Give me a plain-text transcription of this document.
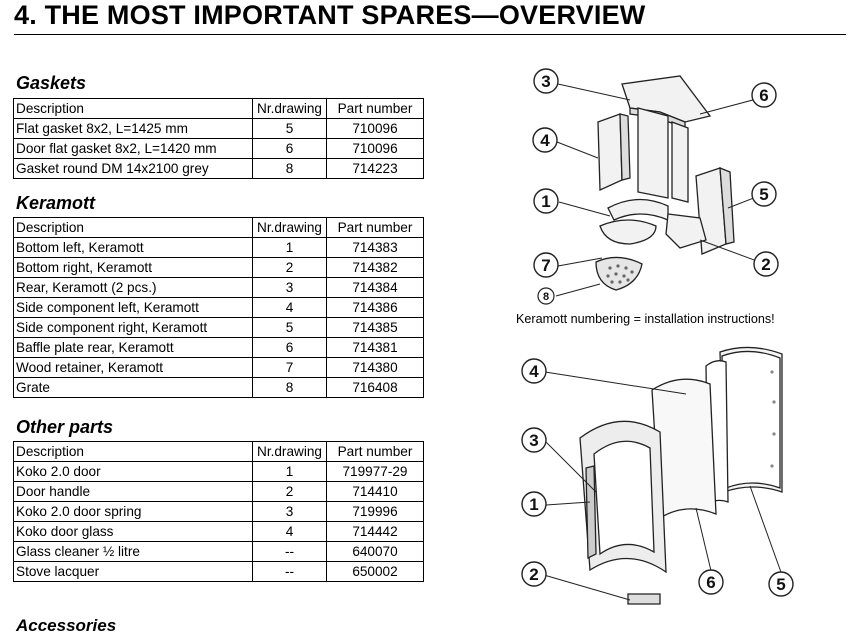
4. THE MOST IMPORTANT SPARES—OVERVIEW
Gaskets
Description	Nr.drawing	Part number
Flat gasket 8x2, L=1425 mm	5	710096
Door flat gasket 8x2, L=1420 mm	6	710096
Gasket round DM 14x2100 grey	8	714223
Keramott
Description	Nr.drawing	Part number
Bottom left, Keramott	1	714383
Bottom right, Keramott	2	714382
Rear, Keramott (2 pcs.)	3	714384
Side component left, Keramott	4	714386
Side component right, Keramott	5	714385
Baffle plate rear, Keramott	6	714381
Wood retainer, Keramott	7	714380
Grate	8	716408
Other parts
Description	Nr.drawing	Part number
Koko 2.0 door	1	719977-29
Door handle	2	714410
Koko 2.0 door spring	3	719996
Koko door glass	4	714442
Glass cleaner ½ litre	--	640070
Stove lacquer	--	650002
Accessories
3
6
4
1	5
7	2
8
Keramott numbering = installation instructions!
4
3
1
2	6	5
